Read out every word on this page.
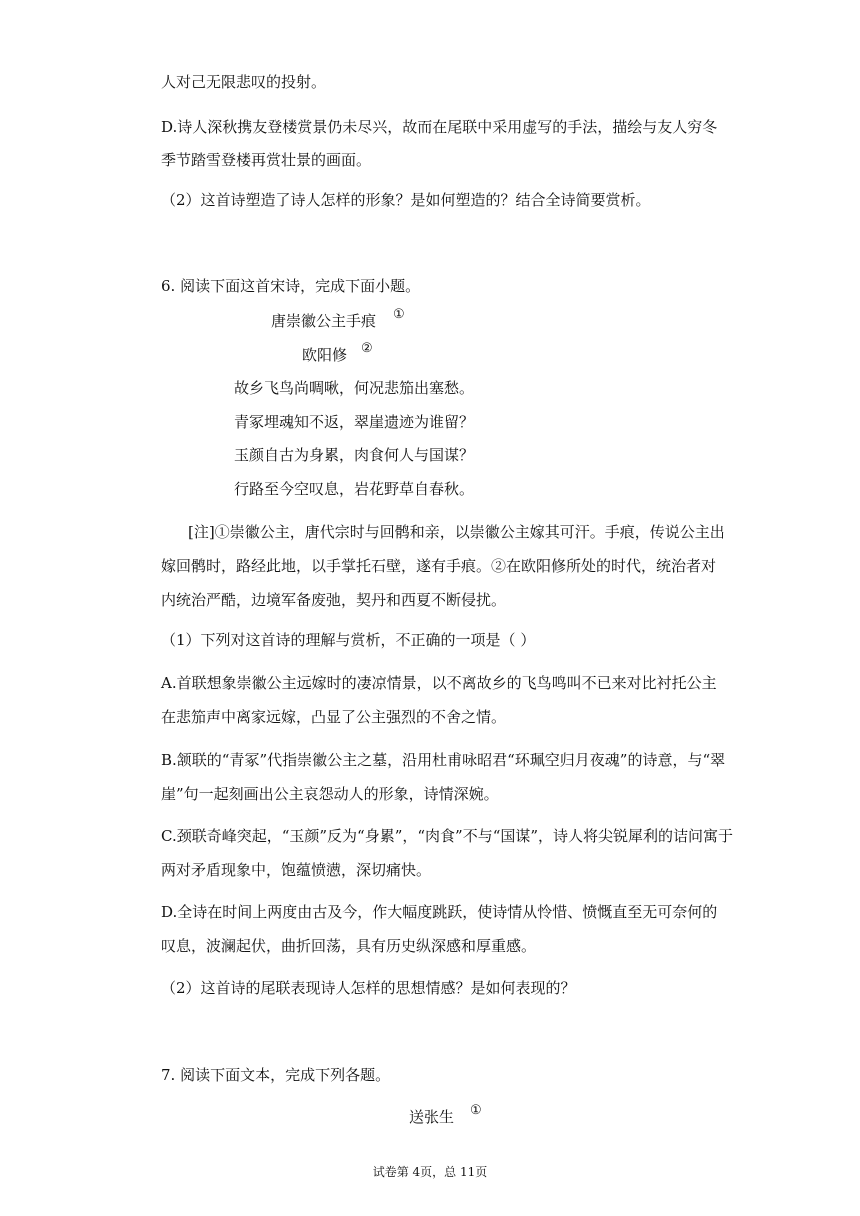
人对己无限悲叹的投射。
D.诗人深秋携友登楼赏景仍未尽兴，故而在尾联中采用虚写的手法，描绘与友人穷冬
季节踏雪登楼再赏壮景的画面。
（2）这首诗塑造了诗人怎样的形象？是如何塑造的？结合全诗简要赏析。
6. 阅读下面这首宋诗，完成下面小题。
唐崇徽公主手痕 ①
欧阳修 ②
故乡飞鸟尚啁啾，何况悲笳出塞愁。
青冢埋魂知不返，翠崖遗迹为谁留？
玉颜自古为身累，肉食何人与国谋？
行路至今空叹息，岩花野草自春秋。
[注]①崇徽公主，唐代宗时与回鹘和亲，以崇徽公主嫁其可汗。手痕，传说公主出
嫁回鹘时，路经此地，以手掌托石壁，遂有手痕。②在欧阳修所处的时代，统治者对
内统治严酷，边境军备废弛，契丹和西夏不断侵扰。
（1）下列对这首诗的理解与赏析，不正确的一项是（ ）
A.首联想象崇徽公主远嫁时的凄凉情景，以不离故乡的飞鸟鸣叫不已来对比衬托公主
在悲笳声中离家远嫁，凸显了公主强烈的不舍之情。
B.颔联的“青冢”代指崇徽公主之墓，沿用杜甫咏昭君“环珮空归月夜魂”的诗意，与“翠
崖”句一起刻画出公主哀怨动人的形象，诗情深婉。
C.颈联奇峰突起，“玉颜”反为“身累”，“肉食”不与“国谋”，诗人将尖锐犀利的诘问寓于
两对矛盾现象中，饱蕴愤懑，深切痛快。
D.全诗在时间上两度由古及今，作大幅度跳跃，使诗情从怜惜、愤慨直至无可奈何的
叹息，波澜起伏，曲折回荡，具有历史纵深感和厚重感。
（2）这首诗的尾联表现诗人怎样的思想情感？是如何表现的？
7. 阅读下面文本，完成下列各题。
送张生 ①
试卷第 4页，总 11页
